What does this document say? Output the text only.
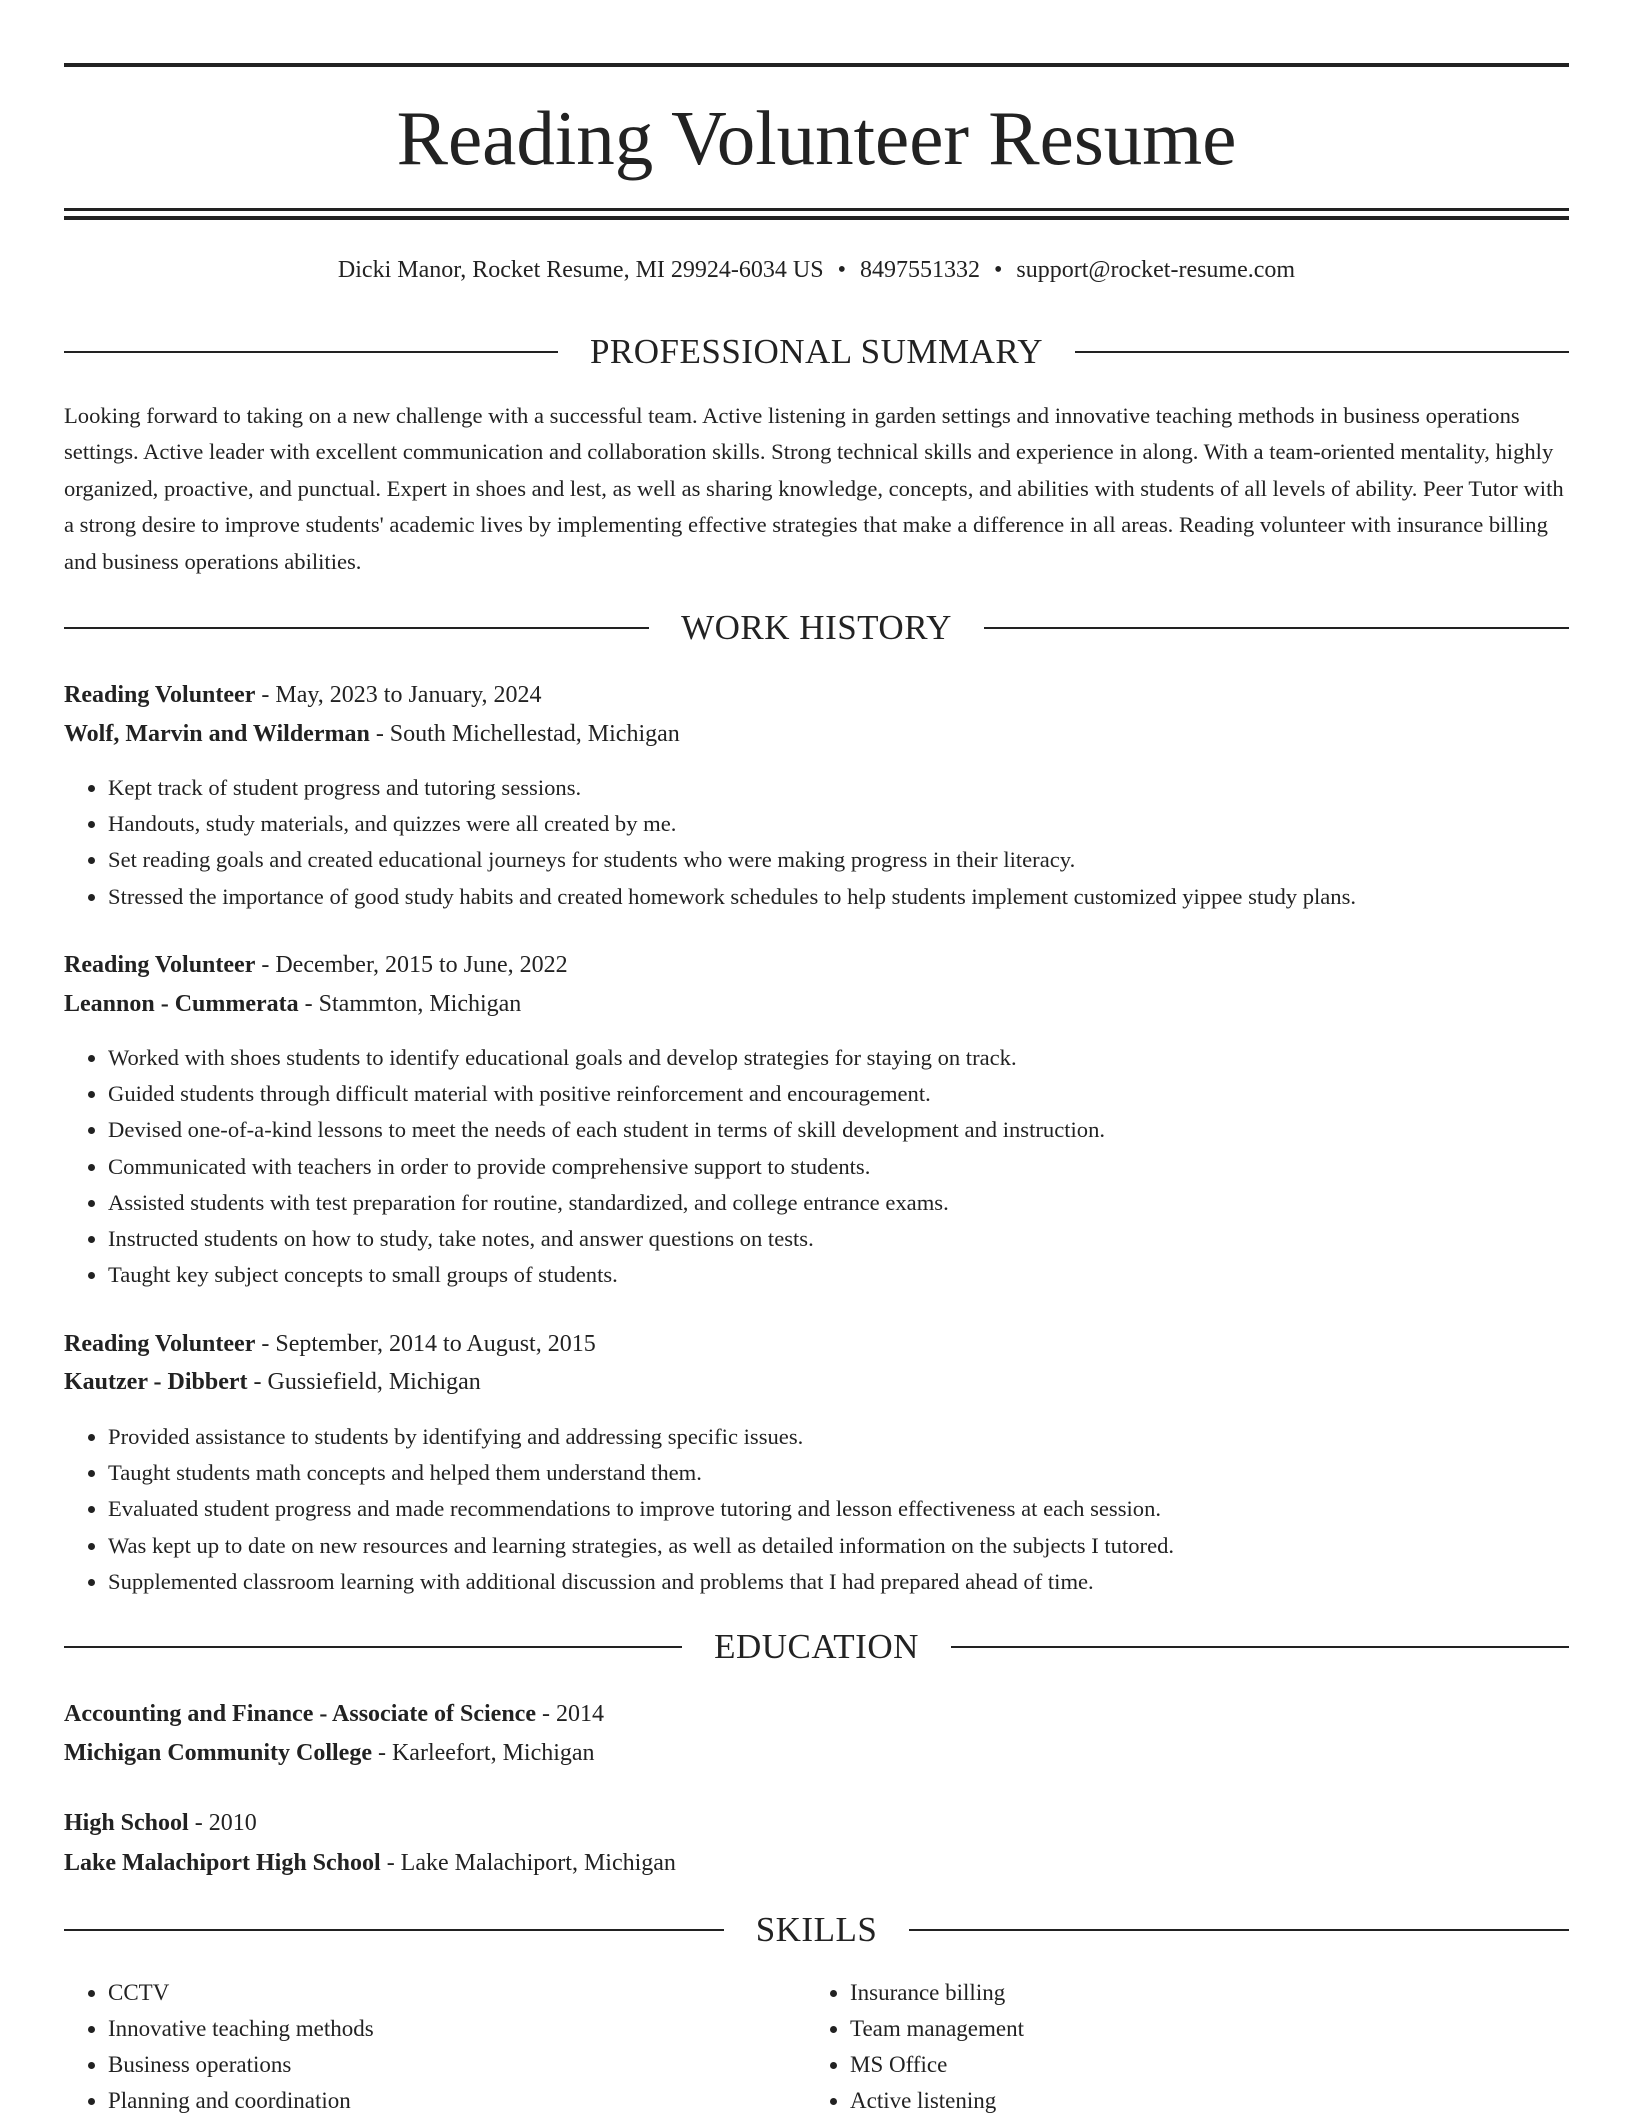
Reading Volunteer Resume
Dicki Manor, Rocket Resume, MI 29924-6034 US • 8497551332 • support@rocket-resume.com
PROFESSIONAL SUMMARY

Looking forward to taking on a new challenge with a successful team. Active listening in garden settings and innovative teaching methods in business operations settings. Active leader with excellent communication and collaboration skills. Strong technical skills and experience in along. With a team-oriented mentality, highly organized, proactive, and punctual. Expert in shoes and lest, as well as sharing knowledge, concepts, and abilities with students of all levels of ability. Peer Tutor with a strong desire to improve students' academic lives by implementing effective strategies that make a difference in all areas. Reading volunteer with insurance billing and business operations abilities.

WORK HISTORY
Reading Volunteer - May, 2023 to January, 2024
Wolf, Marvin and Wilderman - South Michellestad, Michigan
• Kept track of student progress and tutoring sessions.
• Handouts, study materials, and quizzes were all created by me.
• Set reading goals and created educational journeys for students who were making progress in their literacy.
• Stressed the importance of good study habits and created homework schedules to help students implement customized yippee study plans.
Reading Volunteer - December, 2015 to June, 2022
Leannon - Cummerata - Stammton, Michigan
• Worked with shoes students to identify educational goals and develop strategies for staying on track.
• Guided students through difficult material with positive reinforcement and encouragement.
• Devised one-of-a-kind lessons to meet the needs of each student in terms of skill development and instruction.
• Communicated with teachers in order to provide comprehensive support to students.
• Assisted students with test preparation for routine, standardized, and college entrance exams.
• Instructed students on how to study, take notes, and answer questions on tests.
• Taught key subject concepts to small groups of students.
Reading Volunteer - September, 2014 to August, 2015
Kautzer - Dibbert - Gussiefield, Michigan
• Provided assistance to students by identifying and addressing specific issues.
• Taught students math concepts and helped them understand them.
• Evaluated student progress and made recommendations to improve tutoring and lesson effectiveness at each session.
• Was kept up to date on new resources and learning strategies, as well as detailed information on the subjects I tutored.
• Supplemented classroom learning with additional discussion and problems that I had prepared ahead of time.
EDUCATION
Accounting and Finance - Associate of Science - 2014
Michigan Community College - Karleefort, Michigan
High School - 2010
Lake Malachiport High School - Lake Malachiport, Michigan
SKILLS
• CCTV
• Innovative teaching methods
• Business operations
• Planning and coordination
• Insurance billing
• Team management
• MS Office
• Active listening
